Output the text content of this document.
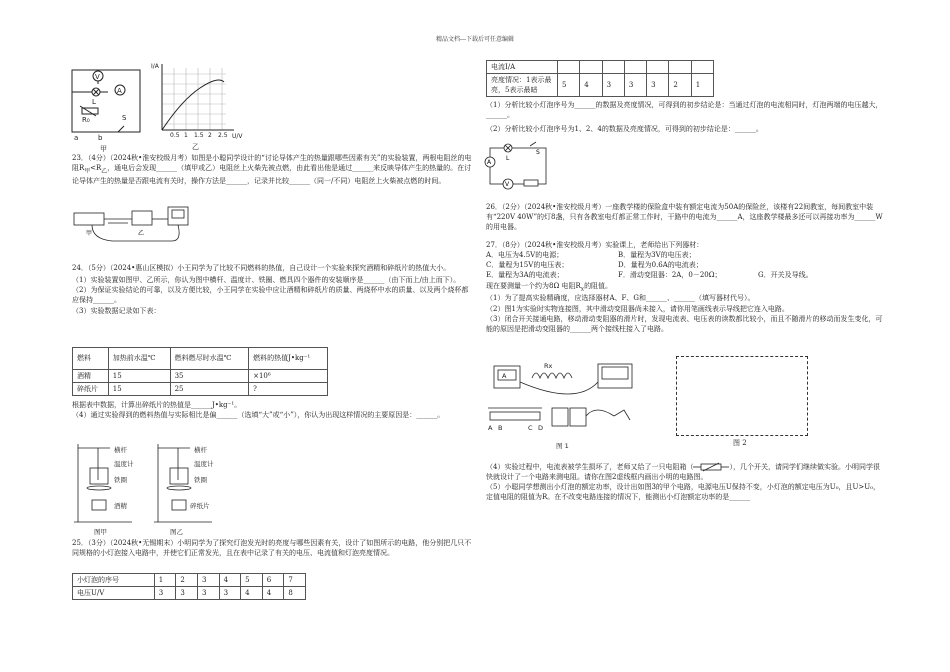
精品文档---下载后可任意编辑
V
A
L
R₀	S
a	b
甲
I/A
U/V
0.5 1 1.5 2 2.5
乙

23．（4分）（2024秋•淮安校级月考）如图是小聪同学设计的“讨论导体产生的热量跟哪些因素有关”的实验装置，两根电阻丝的电阻$R_甲<R_乙$，通电后会发现______（填甲或乙）电阻丝上火柴先被点燃，由此看出他是通过______来反映导体产生的热量的。在讨论导体产生的热量是否跟电流有关时，操作方法是______，记录并比较______（同一/不同）电阻丝上火柴被点燃的时间。

甲	乙

24．（5分）（2024•惠山区模拟）小王同学为了比较不同燃料的热值，自己设计一个实验来探究酒精和碎纸片的热值大小。

（1）实验装置如图甲、乙所示，你认为图中横杆、温度计、铁圈、燃具四个器件的安装顺序是______（由下而上/由上而下）。

（2）为保证实验结论的可靠，以及方便比较，小王同学在实验中应让酒精和碎纸片的质量、两烧杯中水的质量、以及两个烧杯都应保持______。

（3）实验数据记录如下表：

燃料	加热前水温℃	燃料燃尽时水温℃	燃料的热值J•kg⁻¹
酒精	15	35	×10⁶
碎纸片	15	25	?

根据表中数据，计算出碎纸片的热值是______J•kg⁻¹。

（4）通过实验得到的燃料热值与实际相比是偏______（选填“大”或“小”），你认为出现这样情况的主要原因是：______。

横杆
温度计
铁圈
酒精
横杆
温度计
铁圈
碎纸片
图甲	图乙

25．（3分）（2024秋•无锡期末）小明同学为了探究灯泡发光时的亮度与哪些因素有关，设计了如图所示的电路，他分别把几只不同规格的小灯泡接入电路中，并使它们正常发光，且在表中记录了有关的电压、电流值和灯泡亮度情况。

小灯泡的序号	1	2	3	4	5	6	7
电压U/V	3	3	3	3	4	4	8
电流I/A							
亮度情况：1表示最亮，5表示最暗	5	4	3	3	3	2	1

（1）分析比较小灯泡序号为______的数据及亮度情况，可得到的初步结论是：当通过灯泡的电流相同时，灯泡两端的电压越大，______。

（2）分析比较小灯泡序号为1、2、4的数据及亮度情况，可得到的初步结论是：______。

A
L
V
S

26．（2分）（2024秋•淮安校级月考）一座教学楼的保险盒中装有额定电流为50A的保险丝，该楼有22间教室，每间教室中装有“220V 40W”的灯8盏，只有各教室电灯都正常工作时，干路中的电流为______A，这座教学楼最多还可以再接功率为______W的用电器。

27．（8分）（2024秋•淮安校级月考）实验课上，老师给出下列器材：

A．电压为4.5V的电源；	B．量程为3V的电压表；

C．量程为15V的电压表；	D．量程为0.6A的电流表；

E．量程为3A的电流表；	F．滑动变阻器：2A，0－20Ω；	G．开关及导线。

现在要测量一个约为8Ω 电阻$R_x$的阻值。

（1）为了提高实验精确度，应选择器材A、F、G和______、______（填写器材代号）。

（2）图1为实验时实物连接图，其中滑动变阻器尚未接入，请你用笔画线表示导线把它连入电路。

（3）闭合开关接通电路，移动滑动变阻器的滑片时，发现电流表、电压表的读数都比较小，而且不随滑片的移动而发生变化，可能的原因是把滑动变阻器的______两个接线柱接入了电路。

A
Rx
A B	C D
图 1	图 2

（4）实验过程中，电流表被学生损坏了，老师又给了一只电阻箱（	），几个开关，请同学们继续做实验。小明同学很快就设计了一个电路来测电阻。请你在图2虚线框内画出小明的电路图。

（5）小聪同学想测出小灯泡的额定功率，设计出如图3的甲个电路，电源电压U保持不变，小灯泡的额定电压为U₀，且U>U₀，定值电阻的阻值为R。在不改变电路连接的情况下，能测出小灯泡额定功率的是______
